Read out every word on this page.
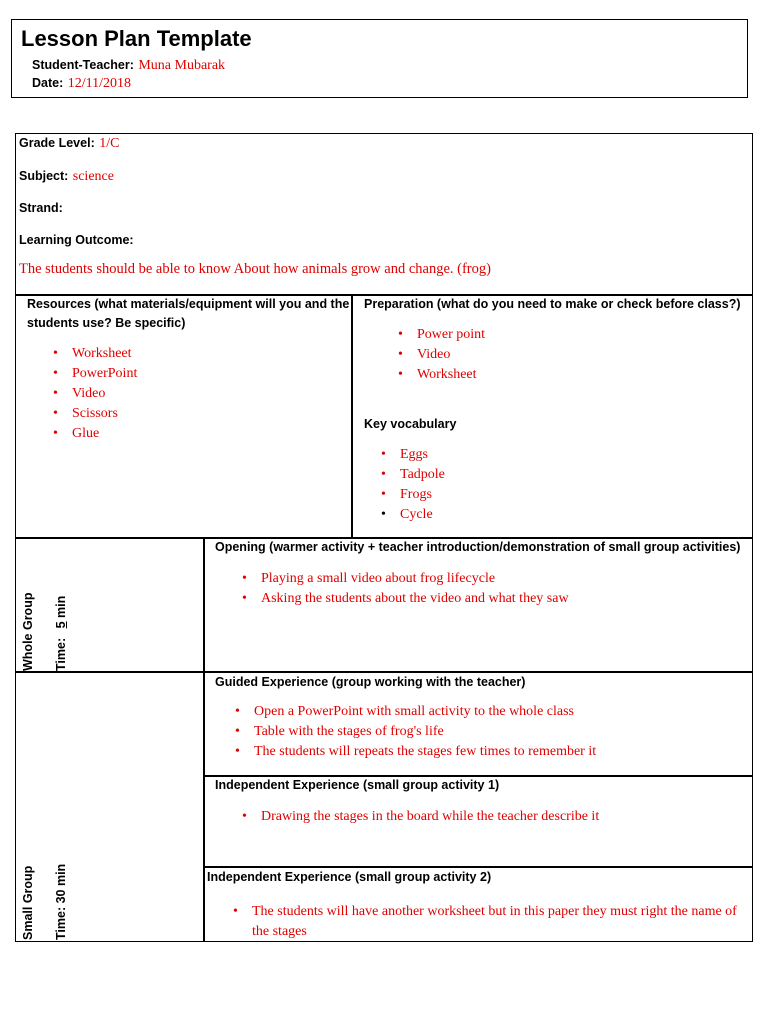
Lesson Plan Template
Student-Teacher: Muna Mubarak
Date: 12/11/2018
Grade Level: 1/C
Subject: science
Strand:
Learning Outcome:
The students should be able to know About how animals grow and change. (frog)
Resources (what materials/equipment will you and the
students use? Be specific)
• Worksheet
• PowerPoint
• Video
• Scissors
• Glue
Preparation (what do you need to make or check before class?)
• Power point
• Video
• Worksheet
Key vocabulary
• Eggs
• Tadpole
• Frogs
• Cycle
Whole Group Time: 5 min
Opening (warmer activity + teacher introduction/demonstration of small group activities)
• Playing a small video about frog lifecycle
• Asking the students about the video and what they saw
Small Group Time: 30 min
Guided Experience (group working with the teacher)
• Open a PowerPoint with small activity to the whole class
• Table with the stages of frog's life
• The students will repeats the stages few times to remember it
Independent Experience (small group activity 1)
• Drawing the stages in the board while the teacher describe it
Independent Experience (small group activity 2)
• The students will have another worksheet but in this paper they must right the name of
the stages
